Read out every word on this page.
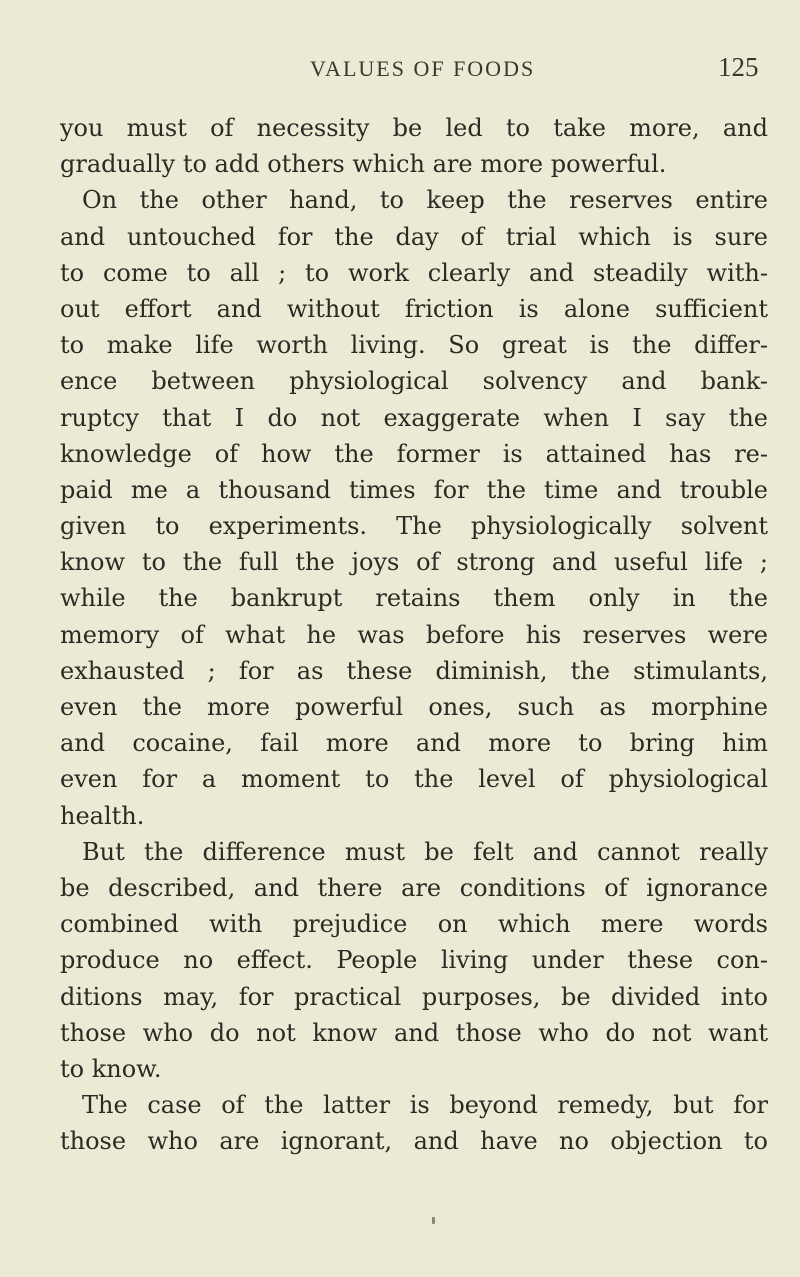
VALUES OF FOODS	125
you must of necessity be led to take more, and
gradually to add others which are more powerful.
On the other hand, to keep the reserves entire
and untouched for the day of trial which is sure
to come to all ; to work clearly and steadily with-
out effort and without friction is alone sufficient
to make life worth living. So great is the differ-
ence between physiological solvency and bank-
ruptcy that I do not exaggerate when I say the
knowledge of how the former is attained has re-
paid me a thousand times for the time and trouble
given to experiments. The physiologically solvent
know to the full the joys of strong and useful life ;
while the bankrupt retains them only in the
memory of what he was before his reserves were
exhausted ; for as these diminish, the stimulants,
even the more powerful ones, such as morphine
and cocaine, fail more and more to bring him
even for a moment to the level of physiological
health.
But the difference must be felt and cannot really
be described, and there are conditions of ignorance
combined with prejudice on which mere words
produce no effect. People living under these con-
ditions may, for practical purposes, be divided into
those who do not know and those who do not want
to know.
The case of the latter is beyond remedy, but for
those who are ignorant, and have no objection to
